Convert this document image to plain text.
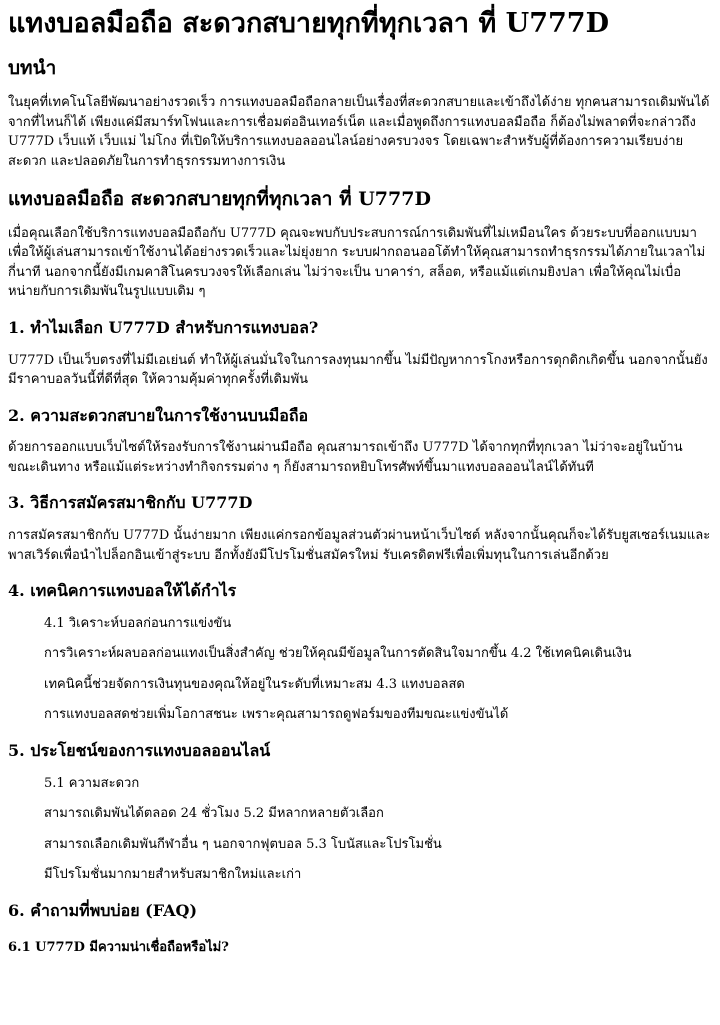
แทงบอลมือถือ สะดวกสบายทุกที่ทุกเวลา ที่ U777D
บทนำ

ในยุคที่เทคโนโลยีพัฒนาอย่างรวดเร็ว การแทงบอลมือถือกลายเป็นเรื่องที่สะดวกสบายและเข้าถึงได้ง่าย ทุกคนสามารถเดิมพันได้จากที่ไหนก็ได้ เพียงแค่มีสมาร์ทโฟนและการเชื่อมต่ออินเทอร์เน็ต และเมื่อพูดถึงการแทงบอลมือถือ ก็ต้องไม่พลาดที่จะกล่าวถึง U777D เว็บแท้ เว็บแม่ ไม่โกง ที่เปิดให้บริการแทงบอลออนไลน์อย่างครบวงจร โดยเฉพาะสำหรับผู้ที่ต้องการความเรียบง่าย สะดวก และปลอดภัยในการทำธุรกรรมทางการเงิน

แทงบอลมือถือ สะดวกสบายทุกที่ทุกเวลา ที่ U777D

เมื่อคุณเลือกใช้บริการแทงบอลมือถือกับ U777D คุณจะพบกับประสบการณ์การเดิมพันที่ไม่เหมือนใคร ด้วยระบบที่ออกแบบมาเพื่อให้ผู้เล่นสามารถเข้าใช้งานได้อย่างรวดเร็วและไม่ยุ่งยาก ระบบฝากถอนออโต้ทำให้คุณสามารถทำธุรกรรมได้ภายในเวลาไม่กี่นาที นอกจากนี้ยังมีเกมคาสิโนครบวงจรให้เลือกเล่น ไม่ว่าจะเป็น บาคาร่า, สล็อต, หรือแม้แต่เกมยิงปลา เพื่อให้คุณไม่เบื่อหน่ายกับการเดิมพันในรูปแบบเดิม ๆ

1. ทำไมเลือก U777D สำหรับการแทงบอล?

U777D เป็นเว็บตรงที่ไม่มีเอเย่นต์ ทำให้ผู้เล่นมั่นใจในการลงทุนมากขึ้น ไม่มีปัญหาการโกงหรือการดุกดิกเกิดขึ้น นอกจากนั้นยังมีราคาบอลวันนี้ที่ดีที่สุด ให้ความคุ้มค่าทุกครั้งที่เดิมพัน

2. ความสะดวกสบายในการใช้งานบนมือถือ

ด้วยการออกแบบเว็บไซต์ให้รองรับการใช้งานผ่านมือถือ คุณสามารถเข้าถึง U777D ได้จากทุกที่ทุกเวลา ไม่ว่าจะอยู่ในบ้าน ขณะเดินทาง หรือแม้แต่ระหว่างทำกิจกรรมต่าง ๆ ก็ยังสามารถหยิบโทรศัพท์ขึ้นมาแทงบอลออนไลน์ได้ทันที

3. วิธีการสมัครสมาชิกกับ U777D

การสมัครสมาชิกกับ U777D นั้นง่ายมาก เพียงแค่กรอกข้อมูลส่วนตัวผ่านหน้าเว็บไซต์ หลังจากนั้นคุณก็จะได้รับยูสเซอร์เนมและพาสเวิร์ดเพื่อนำไปล็อกอินเข้าสู่ระบบ อีกทั้งยังมีโปรโมชั่นสมัครใหม่ รับเครดิตฟรีเพื่อเพิ่มทุนในการเล่นอีกด้วย

4. เทคนิคการแทงบอลให้ได้กำไร

4.1 วิเคราะห์บอลก่อนการแข่งขัน

การวิเคราะห์ผลบอลก่อนแทงเป็นสิ่งสำคัญ ช่วยให้คุณมีข้อมูลในการตัดสินใจมากขึ้น 4.2 ใช้เทคนิคเดินเงิน

เทคนิคนี้ช่วยจัดการเงินทุนของคุณให้อยู่ในระดับที่เหมาะสม 4.3 แทงบอลสด

การแทงบอลสดช่วยเพิ่มโอกาสชนะ เพราะคุณสามารถดูฟอร์มของทีมขณะแข่งขันได้

5. ประโยชน์ของการแทงบอลออนไลน์

5.1 ความสะดวก

สามารถเดิมพันได้ตลอด 24 ชั่วโมง 5.2 มีหลากหลายตัวเลือก

สามารถเลือกเดิมพันกีฬาอื่น ๆ นอกจากฟุตบอล 5.3 โบนัสและโปรโมชั่น

มีโปรโมชั่นมากมายสำหรับสมาชิกใหม่และเก่า

6. คำถามที่พบบ่อย (FAQ)
6.1 U777D มีความน่าเชื่อถือหรือไม่?
